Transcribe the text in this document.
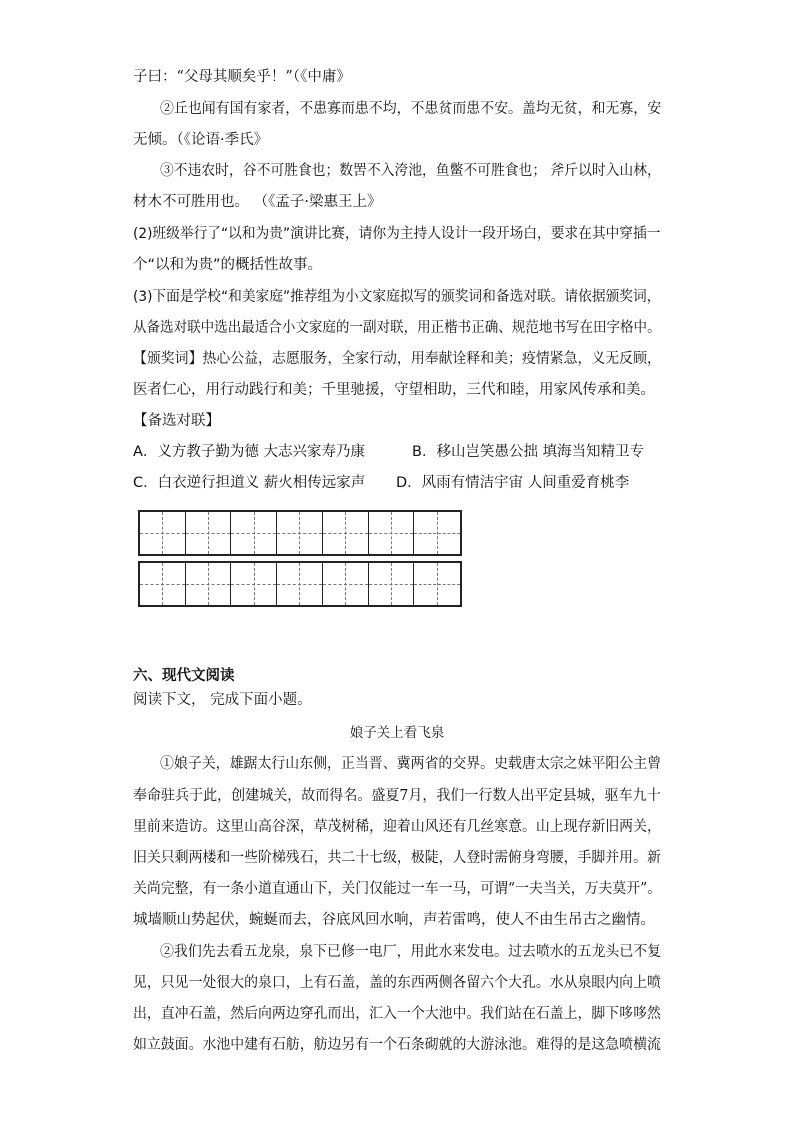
子曰：“父母其顺矣乎！”（《中庸》
②丘也闻有国有家者，不患寡而患不均，不患贫而患不安。盖均无贫，和无寡，安
无倾。（《论语·季氏》
③不违农时，谷不可胜食也；数罟不入洿池，鱼鳖不可胜食也； 斧斤以时入山林，
材木不可胜用也。 （《孟子·梁惠王上》
(2)班级举行了“以和为贵”演讲比赛，请你为主持人设计一段开场白，要求在其中穿插一
个“以和为贵”的概括性故事。
(3)下面是学校“和美家庭”推荐组为小文家庭拟写的颁奖词和备选对联。请依据颁奖词，
从备选对联中选出最适合小文家庭的一副对联，用正楷书正确、规范地书写在田字格中。
【颁奖词】热心公益，志愿服务，全家行动，用奉献诠释和美；疫情紧急，义无反顾，
医者仁心，用行动践行和美；千里驰援，守望相助，三代和睦，用家风传承和美。
【备选对联】
A．义方教子勤为德 大志兴家寿乃康	B．移山岂笑愚公拙 填海当知精卫专
C．白衣逆行担道义 薪火相传远家声 D．风雨有情洁宇宙 人间重爱育桃李
六、现代文阅读
阅读下文， 完成下面小题。
娘子关上看飞泉
①娘子关，雄踞太行山东侧，正当晋、冀两省的交界。史载唐太宗之妹平阳公主曾
奉命驻兵于此，创建城关，故而得名。盛夏7月，我们一行数人出平定县城，驱车九十
里前来造访。这里山高谷深，草茂树稀，迎着山风还有几丝寒意。山上现存新旧两关，
旧关只剩两楼和一些阶梯残石，共二十七级，极陡，人登时需俯身弯腰，手脚并用。新
关尚完整，有一条小道直通山下，关门仅能过一车一马，可谓“一夫当关，万夫莫开”。
城墙顺山势起伏，蜿蜒而去，谷底风回水响，声若雷鸣，使人不由生吊古之幽情。
②我们先去看五龙泉，泉下已修一电厂，用此水来发电。过去喷水的五龙头已不复
见，只见一处很大的泉口，上有石盖，盖的东西两侧各留六个大孔。水从泉眼内向上喷
出，直冲石盖，然后向两边穿孔而出，汇入一个大池中。我们站在石盖上，脚下哆哆然
如立鼓面。水池中建有石舫，舫边另有一个石条砌就的大游泳池。难得的是这急喷横流
